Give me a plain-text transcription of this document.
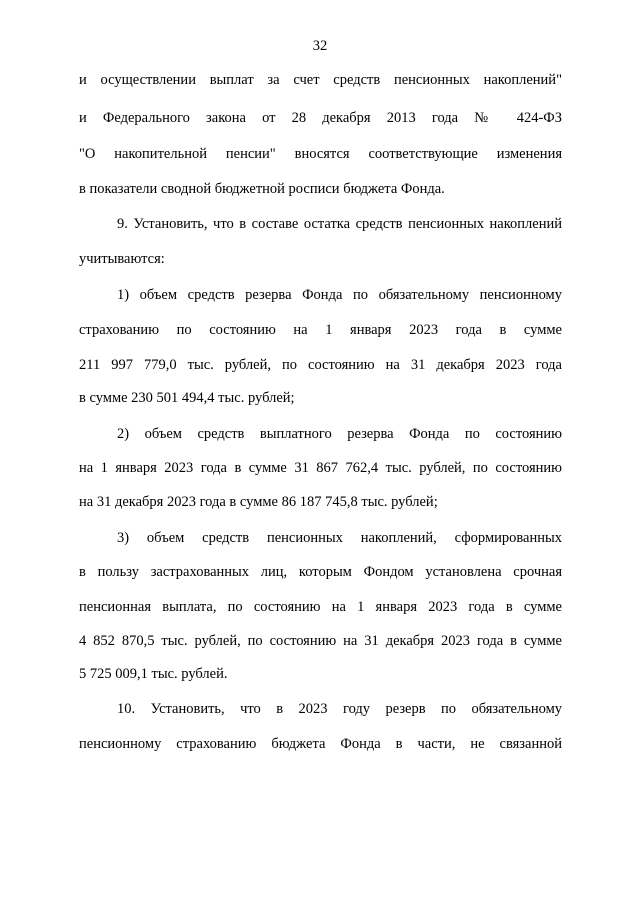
32
и осуществлении выплат за счет средств пенсионных накоплений"
и Федерального закона от 28 декабря 2013 года № 424-ФЗ
"О накопительной пенсии" вносятся соответствующие изменения
в показатели сводной бюджетной росписи бюджета Фонда.
9. Установить, что в составе остатка средств пенсионных накоплений
учитываются:
1) объем средств резерва Фонда по обязательному пенсионному
страхованию по состоянию на 1 января 2023 года в сумме
211 997 779,0 тыс. рублей, по состоянию на 31 декабря 2023 года
в сумме 230 501 494,4 тыс. рублей;
2) объем средств выплатного резерва Фонда по состоянию
на 1 января 2023 года в сумме 31 867 762,4 тыс. рублей, по состоянию
на 31 декабря 2023 года в сумме 86 187 745,8 тыс. рублей;
3) объем средств пенсионных накоплений, сформированных
в пользу застрахованных лиц, которым Фондом установлена срочная
пенсионная выплата, по состоянию на 1 января 2023 года в сумме
4 852 870,5 тыс. рублей, по состоянию на 31 декабря 2023 года в сумме
5 725 009,1 тыс. рублей.
10. Установить, что в 2023 году резерв по обязательному
пенсионному страхованию бюджета Фонда в части, не связанной
